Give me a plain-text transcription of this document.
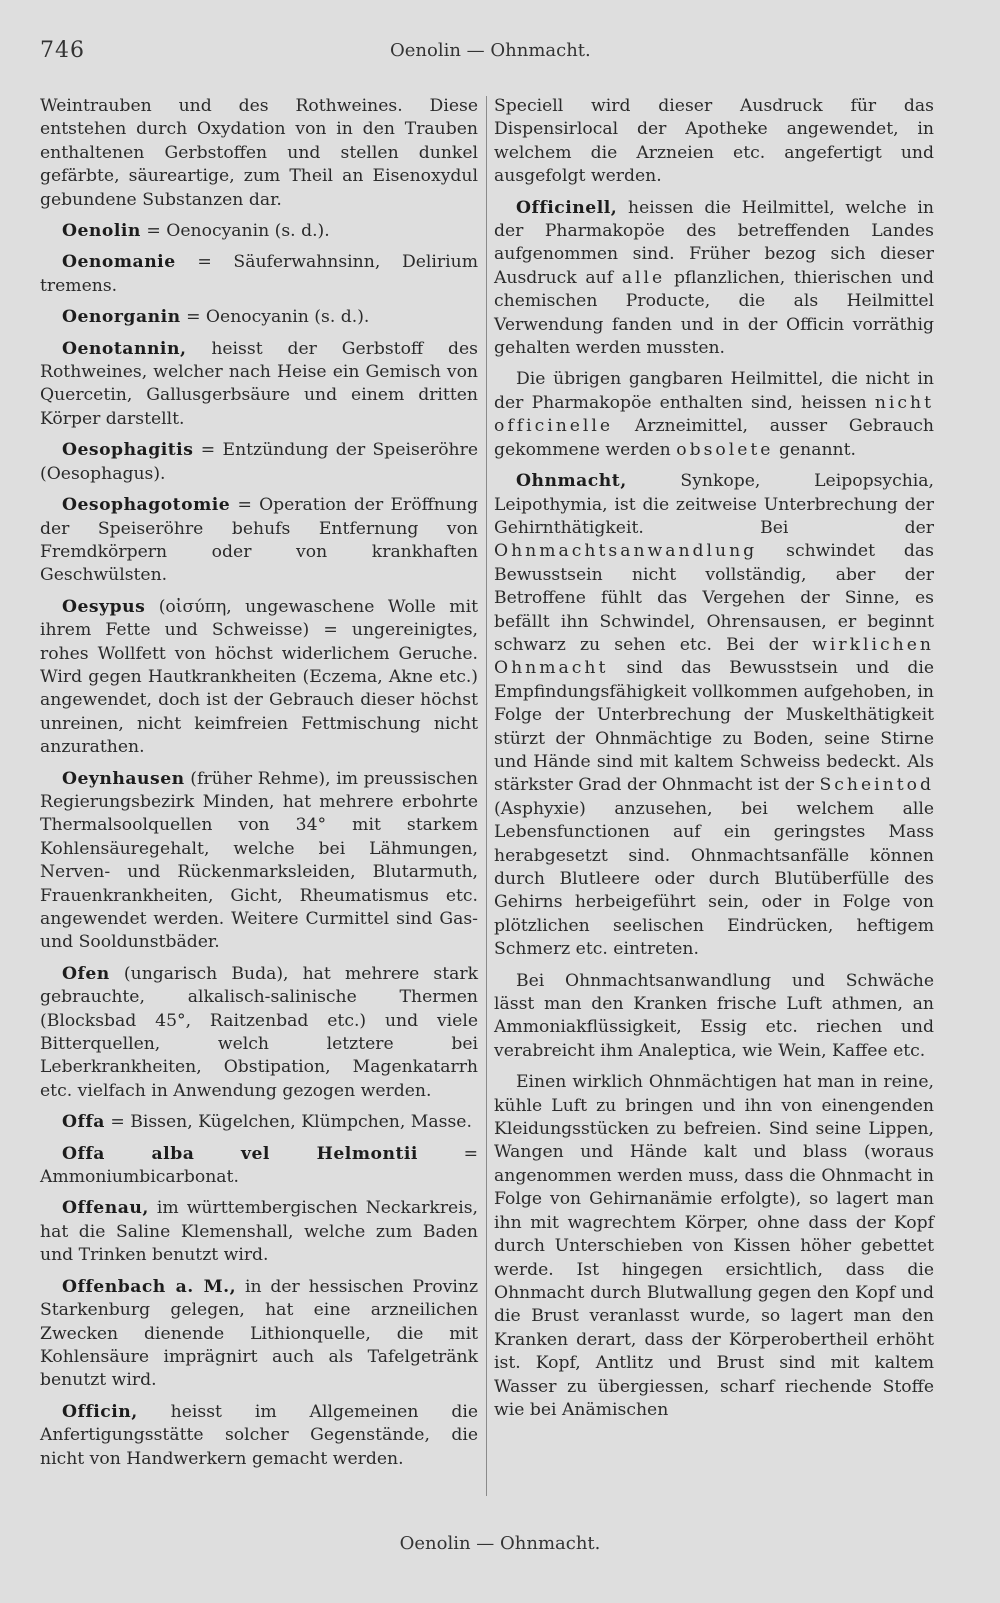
746	Oenolin — Ohnmacht.

Weintrauben und des Rothweines. Diese entstehen durch Oxydation von in den Trauben enthaltenen Gerbstoffen und stellen dunkel gefärbte, säureartige, zum Theil an Eisenoxydul gebundene Substanzen dar.

Oenolin = Oenocyanin (s. d.).

Oenomanie = Säuferwahnsinn, Delirium tremens.

Oenorganin = Oenocyanin (s. d.).

Oenotannin, heisst der Gerbstoff des Rothweines, welcher nach Heise ein Gemisch von Quercetin, Gallusgerbsäure und einem dritten Körper darstellt.

Oesophagitis = Entzündung der Speiseröhre (Oesophagus).

Oesophagotomie = Operation der Eröffnung der Speiseröhre behufs Entfernung von Fremdkörpern oder von krankhaften Geschwülsten.

Oesypus (οἰσύπη, ungewaschene Wolle mit ihrem Fette und Schweisse) = ungereinigtes, rohes Wollfett von höchst widerlichem Geruche. Wird gegen Hautkrankheiten (Eczema, Akne etc.) angewendet, doch ist der Gebrauch dieser höchst unreinen, nicht keimfreien Fettmischung nicht anzurathen.

Oeynhausen (früher Rehme), im preussischen Regierungsbezirk Minden, hat mehrere erbohrte Thermalsoolquellen von 34° mit starkem Kohlensäuregehalt, welche bei Lähmungen, Nerven- und Rückenmarksleiden, Blutarmuth, Frauenkrankheiten, Gicht, Rheumatismus etc. angewendet werden. Weitere Curmittel sind Gas- und Sooldunstbäder.

Ofen (ungarisch Buda), hat mehrere stark gebrauchte, alkalisch-salinische Thermen (Blocksbad 45°, Raitzenbad etc.) und viele Bitterquellen, welch letztere bei Leberkrankheiten, Obstipation, Magenkatarrh etc. vielfach in Anwendung gezogen werden.

Offa = Bissen, Kügelchen, Klümpchen, Masse.

Offa alba vel Helmontii = Ammoniumbicarbonat.

Offenau, im württembergischen Neckarkreis, hat die Saline Klemenshall, welche zum Baden und Trinken benutzt wird.

Offenbach a. M., in der hessischen Provinz Starkenburg gelegen, hat eine arzneilichen Zwecken dienende Lithionquelle, die mit Kohlensäure imprägnirt auch als Tafelgetränk benutzt wird.

Officin, heisst im Allgemeinen die Anfertigungsstätte solcher Gegenstände, die nicht von Handwerkern gemacht werden.

Speciell wird dieser Ausdruck für das Dispensirlocal der Apotheke angewendet, in welchem die Arzneien etc. angefertigt und ausgefolgt werden.

Officinell, heissen die Heilmittel, welche in der Pharmakopöe des betreffenden Landes aufgenommen sind. Früher bezog sich dieser Ausdruck auf alle pflanzlichen, thierischen und chemischen Producte, die als Heilmittel Verwendung fanden und in der Officin vorräthig gehalten werden mussten.

Die übrigen gangbaren Heilmittel, die nicht in der Pharmakopöe enthalten sind, heissen nicht officinelle Arzneimittel, ausser Gebrauch gekommene werden obsolete genannt.

Ohnmacht, Synkope, Leipopsychia, Leipothymia, ist die zeitweise Unterbrechung der Gehirnthätigkeit. Bei der Ohnmachtsanwandlung schwindet das Bewusstsein nicht vollständig, aber der Betroffene fühlt das Vergehen der Sinne, es befällt ihn Schwindel, Ohrensausen, er beginnt schwarz zu sehen etc. Bei der wirklichen Ohnmacht sind das Bewusstsein und die Empfindungsfähigkeit vollkommen aufgehoben, in Folge der Unterbrechung der Muskelthätigkeit stürzt der Ohnmächtige zu Boden, seine Stirne und Hände sind mit kaltem Schweiss bedeckt. Als stärkster Grad der Ohnmacht ist der Scheintod (Asphyxie) anzusehen, bei welchem alle Lebensfunctionen auf ein geringstes Mass herabgesetzt sind. Ohnmachtsanfälle können durch Blutleere oder durch Blutüberfülle des Gehirns herbeigeführt sein, oder in Folge von plötzlichen seelischen Eindrücken, heftigem Schmerz etc. eintreten.

Bei Ohnmachtsanwandlung und Schwäche lässt man den Kranken frische Luft athmen, an Ammoniakflüssigkeit, Essig etc. riechen und verabreicht ihm Analeptica, wie Wein, Kaffee etc.

Einen wirklich Ohnmächtigen hat man in reine, kühle Luft zu bringen und ihn von einengenden Kleidungsstücken zu befreien. Sind seine Lippen, Wangen und Hände kalt und blass (woraus angenommen werden muss, dass die Ohnmacht in Folge von Gehirnanämie erfolgte), so lagert man ihn mit wagrechtem Körper, ohne dass der Kopf durch Unterschieben von Kissen höher gebettet werde. Ist hingegen ersichtlich, dass die Ohnmacht durch Blutwallung gegen den Kopf und die Brust veranlasst wurde, so lagert man den Kranken derart, dass der Körperobertheil erhöht ist. Kopf, Antlitz und Brust sind mit kaltem Wasser zu übergiessen, scharf riechende Stoffe wie bei Anämischen

Oenolin — Ohnmacht.
